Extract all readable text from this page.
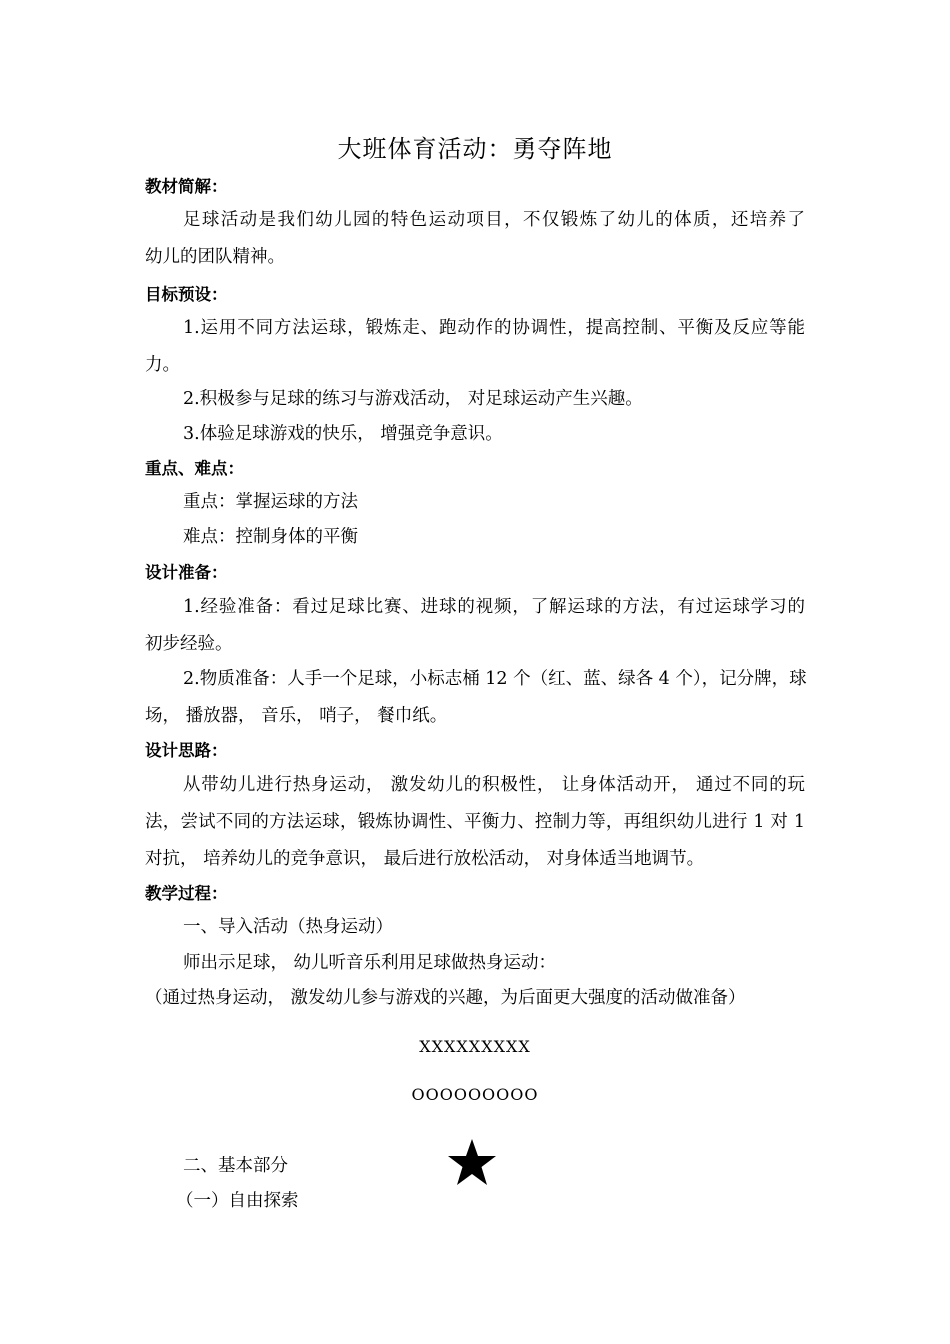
大班体育活动：勇夺阵地
教材简解：
足球活动是我们幼儿园的特色运动项目，不仅锻炼了幼儿的体质，还培养了
幼儿的团队精神。
目标预设：
1.运用不同方法运球，锻炼走、跑动作的协调性，提高控制、平衡及反应等能
力。
2.积极参与足球的练习与游戏活动， 对足球运动产生兴趣。
3.体验足球游戏的快乐， 增强竞争意识。
重点、难点：
重点：掌握运球的方法
难点：控制身体的平衡
设计准备：
1.经验准备：看过足球比赛、进球的视频，了解运球的方法，有过运球学习的
初步经验。
2.物质准备：人手一个足球，小标志桶 12 个（红、蓝、绿各 4 个），记分牌，球
场， 播放器， 音乐， 哨子， 餐巾纸。
设计思路：
从带幼儿进行热身运动， 激发幼儿的积极性， 让身体活动开， 通过不同的玩
法，尝试不同的方法运球，锻炼协调性、平衡力、控制力等，再组织幼儿进行 1 对 1
对抗， 培养幼儿的竞争意识， 最后进行放松活动， 对身体适当地调节。
教学过程：
一、导入活动（热身运动）
师出示足球， 幼儿听音乐利用足球做热身运动：
（通过热身运动， 激发幼儿参与游戏的兴趣，为后面更大强度的活动做准备）
XXXXXXXXX
OOOOOOOOO
二、基本部分
（一）自由探索
